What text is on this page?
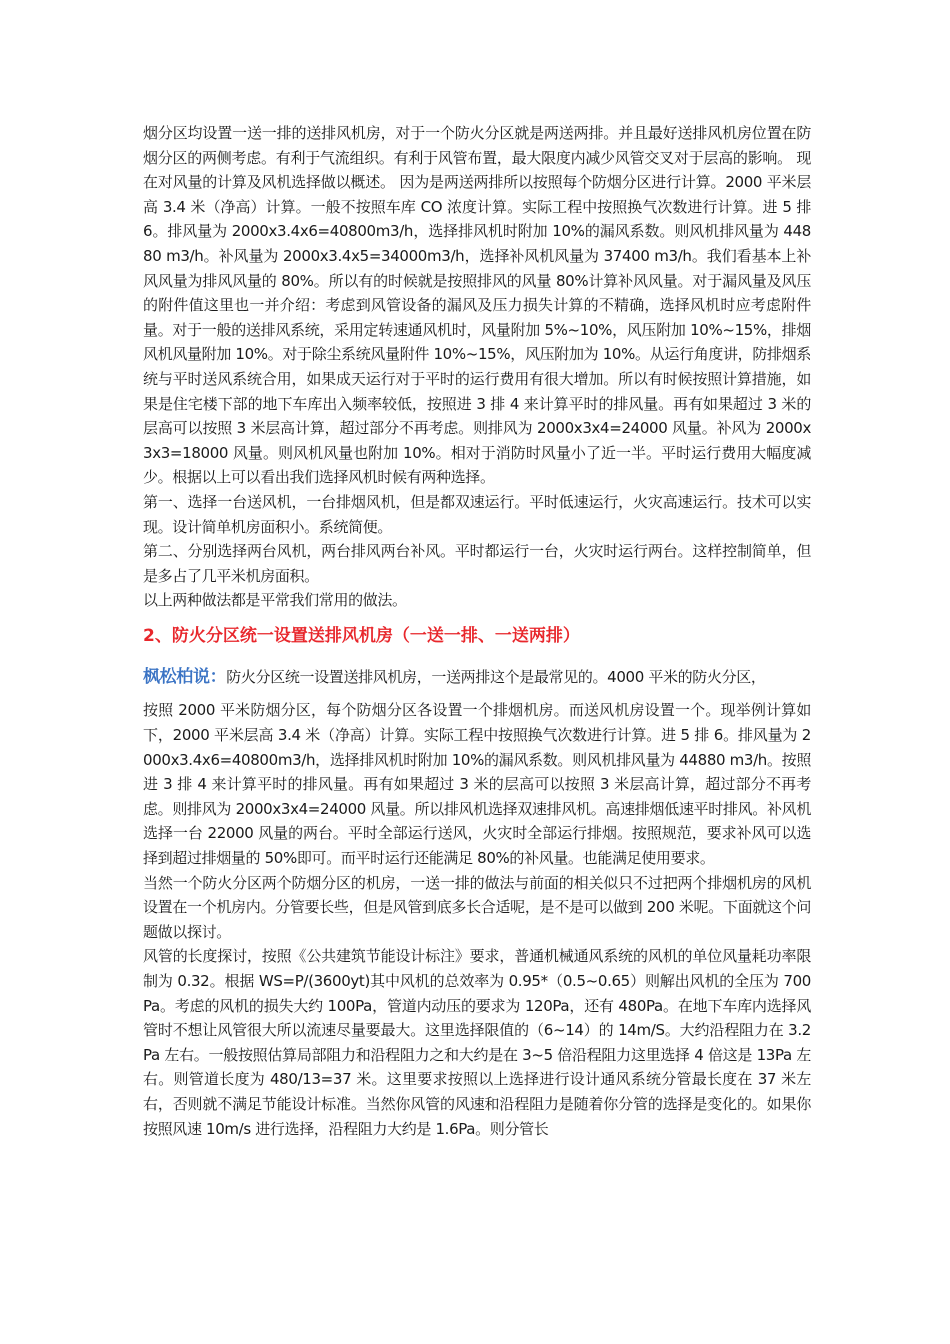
烟分区均设置一送一排的送排风机房，对于一个防火分区就是两送两排。并且最好送排风机房位置在防烟分区的两侧考虑。有利于气流组织。有利于风管布置，最大限度内减少风管交叉对于层高的影响。 现在对风量的计算及风机选择做以概述。 因为是两送两排所以按照每个防烟分区进行计算。2000 平米层高 3.4 米（净高）计算。一般不按照车库 CO 浓度计算。实际工程中按照换气次数进行计算。进 5 排 6。排风量为 2000x3.4x6=40800m3/h，选择排风机时附加 10%的漏风系数。则风机排风量为 44880 m3/h。补风量为 2000x3.4x5=34000m3/h，选择补风机风量为 37400 m3/h。我们看基本上补风风量为排风风量的 80%。所以有的时候就是按照排风的风量 80%计算补风风量。对于漏风量及风压的附件值这里也一并介绍：考虑到风管设备的漏风及压力损失计算的不精确，选择风机时应考虑附件量。对于一般的送排风系统，采用定转速通风机时，风量附加 5%~10%，风压附加 10%~15%，排烟风机风量附加 10%。对于除尘系统风量附件 10%~15%，风压附加为 10%。从运行角度讲，防排烟系统与平时送风系统合用，如果成天运行对于平时的运行费用有很大增加。所以有时候按照计算措施，如果是住宅楼下部的地下车库出入频率较低，按照进 3 排 4 来计算平时的排风量。再有如果超过 3 米的层高可以按照 3 米层高计算，超过部分不再考虑。则排风为 2000x3x4=24000 风量。补风为 2000x3x3=18000 风量。则风机风量也附加 10%。相对于消防时风量小了近一半。平时运行费用大幅度减少。根据以上可以看出我们选择风机时候有两种选择。

第一、选择一台送风机，一台排烟风机，但是都双速运行。平时低速运行，火灾高速运行。技术可以实现。设计简单机房面积小。系统简便。

第二、分别选择两台风机，两台排风两台补风。平时都运行一台，火灾时运行两台。这样控制简单，但是多占了几平米机房面积。

以上两种做法都是平常我们常用的做法。

2、防火分区统一设置送排风机房（一送一排、一送两排）
枫松柏说：防火分区统一设置送排风机房，一送两排这个是最常见的。4000 平米的防火分区，

按照 2000 平米防烟分区，每个防烟分区各设置一个排烟机房。而送风机房设置一个。现举例计算如下，2000 平米层高 3.4 米（净高）计算。实际工程中按照换气次数进行计算。进 5 排 6。排风量为 2000x3.4x6=40800m3/h，选择排风机时附加 10%的漏风系数。则风机排风量为 44880 m3/h。按照进 3 排 4 来计算平时的排风量。再有如果超过 3 米的层高可以按照 3 米层高计算，超过部分不再考虑。则排风为 2000x3x4=24000 风量。所以排风机选择双速排风机。高速排烟低速平时排风。补风机选择一台 22000 风量的两台。平时全部运行送风，火灾时全部运行排烟。按照规范，要求补风可以选择到超过排烟量的 50%即可。而平时运行还能满足 80%的补风量。也能满足使用要求。

当然一个防火分区两个防烟分区的机房，一送一排的做法与前面的相关似只不过把两个排烟机房的风机设置在一个机房内。分管要长些，但是风管到底多长合适呢，是不是可以做到 200 米呢。下面就这个问题做以探讨。

风管的长度探讨，按照《公共建筑节能设计标注》要求，普通机械通风系统的风机的单位风量耗功率限制为 0.32。根据 WS=P/(3600yt)其中风机的总效率为 0.95*（0.5~0.65）则解出风机的全压为 700Pa。考虑的风机的损失大约 100Pa，管道内动压的要求为 120Pa，还有 480Pa。在地下车库内选择风管时不想让风管很大所以流速尽量要最大。这里选择限值的（6~14）的 14m/S。大约沿程阻力在 3.2Pa 左右。一般按照估算局部阻力和沿程阻力之和大约是在 3~5 倍沿程阻力这里选择 4 倍这是 13Pa 左右。则管道长度为 480/13=37 米。这里要求按照以上选择进行设计通风系统分管最长度在 37 米左右，否则就不满足节能设计标准。当然你风管的风速和沿程阻力是随着你分管的选择是变化的。如果你按照风速 10m/s 进行选择，沿程阻力大约是 1.6Pa。则分管长
